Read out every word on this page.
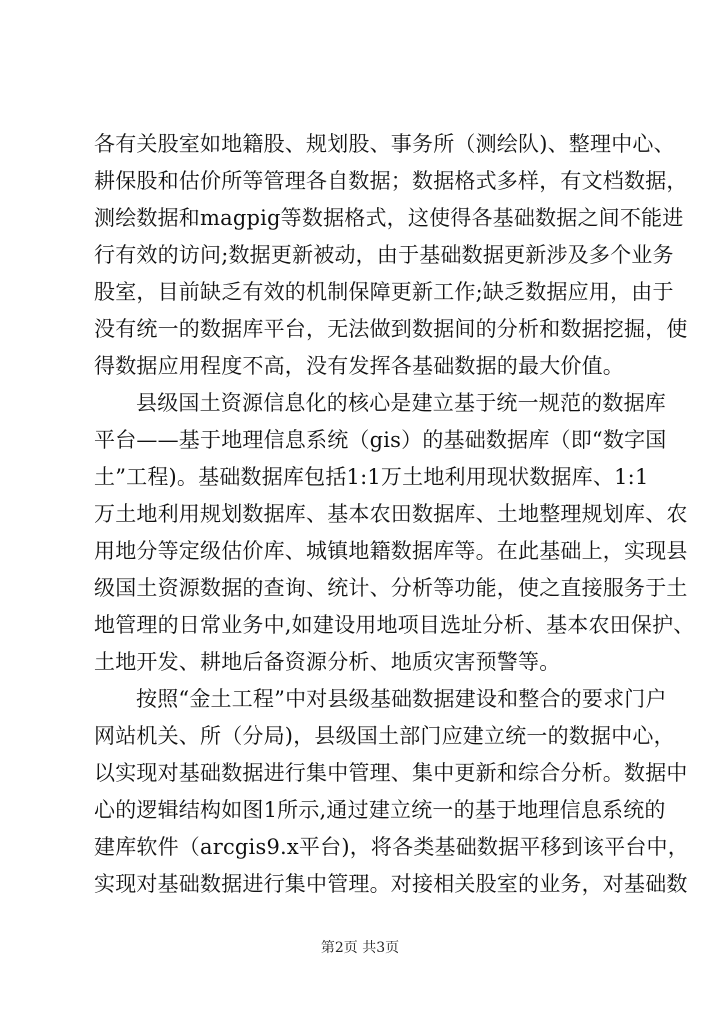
各有关股室如地籍股、规划股、事务所（测绘队)、整理中心、
耕保股和估价所等管理各自数据；数据格式多样，有文档数据，
测绘数据和magpig等数据格式，这使得各基础数据之间不能进
行有效的访问;数据更新被动，由于基础数据更新涉及多个业务
股室，目前缺乏有效的机制保障更新工作;缺乏数据应用，由于
没有统一的数据库平台，无法做到数据间的分析和数据挖掘，使
得数据应用程度不高，没有发挥各基础数据的最大价值。
县级国土资源信息化的核心是建立基于统一规范的数据库
平台——基于地理信息系统（gis）的基础数据库（即“数字国
土”工程)。基础数据库包括1:1万土地利用现状数据库、1:1
万土地利用规划数据库、基本农田数据库、土地整理规划库、农
用地分等定级估价库、城镇地籍数据库等。在此基础上，实现县
级国土资源数据的查询、统计、分析等功能，使之直接服务于土
地管理的日常业务中,如建设用地项目选址分析、基本农田保护、
土地开发、耕地后备资源分析、地质灾害预警等。
按照“金土工程”中对县级基础数据建设和整合的要求门户
网站机关、所（分局)，县级国土部门应建立统一的数据中心，
以实现对基础数据进行集中管理、集中更新和综合分析。数据中
心的逻辑结构如图1所示,通过建立统一的基于地理信息系统的
建库软件（arcgis9.x平台)，将各类基础数据平移到该平台中，
实现对基础数据进行集中管理。对接相关股室的业务，对基础数
第2页 共3页
